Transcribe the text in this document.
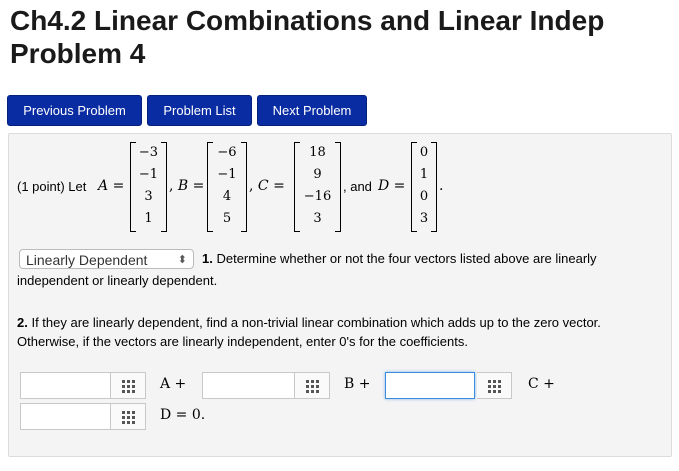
Ch4.2 Linear Combinations and Linear Indep
Problem 4
Previous Problem	Problem List	Next Problem
(1 point) Let A =
−3
−1
3
1
, B =
−6
−1
4
5
, C =
18
9
−16
3
, and D =
0
1
0
3
.
Linearly Dependent	⬍ 1. Determine whether or not the four vectors listed above are linearly
independent or linearly dependent.
2. If they are linearly dependent, find a non-trivial linear combination which adds up to the zero vector.
Otherwise, if the vectors are linearly independent, enter 0's for the coefficients.
A +	B +	C +
D = 0.
